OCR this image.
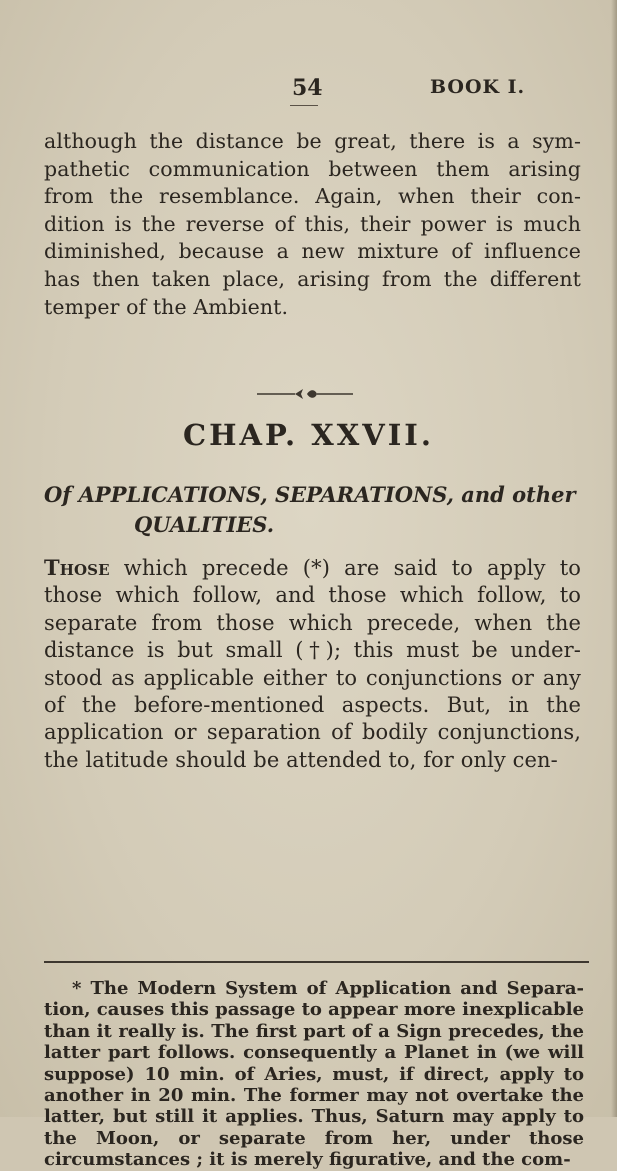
54	BOOK I.

although the distance be great, there is a sym- pathetic communication between them arising from the resemblance. Again, when their con- dition is the reverse of this, their power is much diminished, because a new mixture of influence has then taken place, arising from the different temper of the Ambient.

CHAP. XXVII.
Of APPLICATIONS, SEPARATIONS, and other
QUALITIES.

Those which precede (*) are said to apply to those which follow, and those which follow, to separate from those which precede, when the distance is but small (†); this must be under- stood as applicable either to conjunctions or any of the before-mentioned aspects. But, in the application or separation of bodily conjunctions, the latitude should be attended to, for only cen-

* The Modern System of Application and Separa- tion, causes this passage to appear more inexplicable than it really is. The first part of a Sign precedes, the latter part follows. consequently a Planet in (we will suppose) 10 min. of Aries, must, if direct, apply to another in 20 min. The former may not overtake the latter, but still it applies. Thus, Saturn may apply to the Moon, or separate from her, under those circumstances ; it is merely figurative, and the com-
